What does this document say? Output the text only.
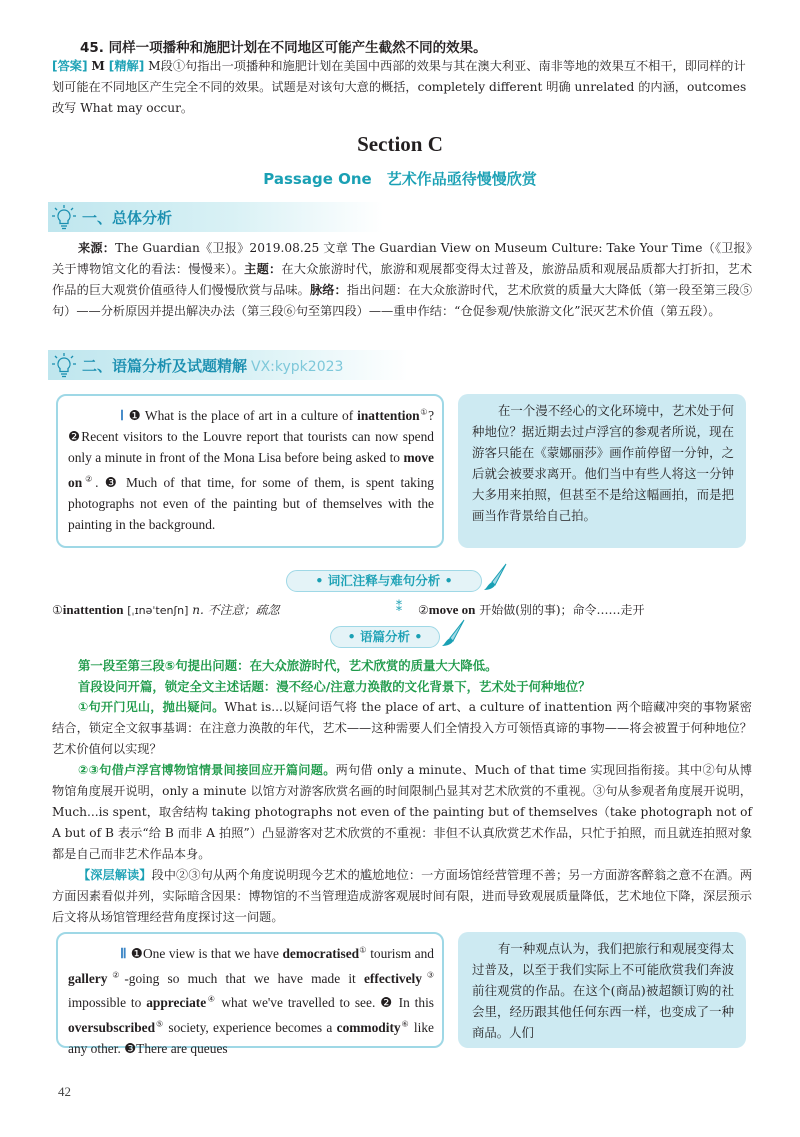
45. 同样一项播种和施肥计划在不同地区可能产生截然不同的效果。
[答案] M [精解] M段①句指出一项播种和施肥计划在美国中西部的效果与其在澳大利亚、南非等地的效果互不相干，即同样的计划可能在不同地区产生完全不同的效果。试题是对该句大意的概括，completely different 明确 unrelated 的内涵，outcomes 改写 What may occur。
Section C
Passage One　艺术作品亟待慢慢欣赏
一、总体分析
来源：The Guardian《卫报》2019.08.25 文章 The Guardian View on Museum Culture: Take Your Time（《卫报》关于博物馆文化的看法：慢慢来）。主题：在大众旅游时代，旅游和观展都变得太过普及，旅游品质和观展品质都大打折扣，艺术作品的巨大观赏价值亟待人们慢慢欣赏与品味。脉络：指出问题：在大众旅游时代，艺术欣赏的质量大大降低（第一段至第三段⑤句）——分析原因并提出解决办法（第三段⑥句至第四段）——重申作结：“仓促参观/快旅游文化”泯灭艺术价值（第五段）。
二、语篇分析及试题精解 VX:kypk2023
Ⅰ ❶ What is the place of art in a culture of inattention①? ❷Recent visitors to the Louvre report that tourists can now spend only a minute in front of the Mona Lisa before being asked to move on②. ❸ Much of that time, for some of them, is spent taking photographs not even of the painting but of themselves with the painting in the background.
在一个漫不经心的文化环境中，艺术处于何种地位？据近期去过卢浮宫的参观者所说，现在游客只能在《蒙娜丽莎》画作前停留一分钟，之后就会被要求离开。他们当中有些人将这一分钟大多用来拍照，但甚至不是给这幅画拍，而是把画当作背景给自己拍。
• 词汇注释与难句分析 •
①inattention [ˌɪnəˈtenʃn] n. 不注意；疏忽	⁑ ②move on 开始做(别的事)；命令……走开
• 语篇分析 •
第一段至第三段⑤句提出问题：在大众旅游时代，艺术欣赏的质量大大降低。
首段设问开篇，锁定全文主述话题：漫不经心/注意力涣散的文化背景下，艺术处于何种地位？
①句开门见山，抛出疑问。What is...以疑问语气将 the place of art、a culture of inattention 两个暗藏冲突的事物紧密结合，锁定全文叙事基调：在注意力涣散的年代，艺术——这种需要人们全情投入方可领悟真谛的事物——将会被置于何种地位？艺术价值何以实现？
②③句借卢浮宫博物馆情景间接回应开篇问题。两句借 only a minute、Much of that time 实现回指衔接。其中②句从博物馆角度展开说明，only a minute 以馆方对游客欣赏名画的时间限制凸显其对艺术欣赏的不重视。③句从参观者角度展开说明，Much...is spent，取舍结构 taking photographs not even of the painting but of themselves（take photograph not of A but of B 表示“给 B 而非 A 拍照”）凸显游客对艺术欣赏的不重视：非但不认真欣赏艺术作品，只忙于拍照，而且就连拍照对象都是自己而非艺术作品本身。
【深层解读】段中②③句从两个角度说明现今艺术的尴尬地位：一方面场馆经营管理不善；另一方面游客醉翁之意不在酒。两方面因素看似并列，实际暗含因果：博物馆的不当管理造成游客观展时间有限，进而导致观展质量降低，艺术地位下降，深层预示后文将从场馆管理经营角度探讨这一问题。
Ⅱ ❶One view is that we have democratised① tourism and gallery②-going so much that we have made it effectively③ impossible to appreciate④ what we've travelled to see. ❷ In this oversubscribed⑤ society, experience becomes a commodity⑥ like any other. ❸There are queues
有一种观点认为，我们把旅行和观展变得太过普及，以至于我们实际上不可能欣赏我们奔波前往观赏的作品。在这个(商品)被超额订购的社会里，经历跟其他任何东西一样，也变成了一种商品。人们
42
